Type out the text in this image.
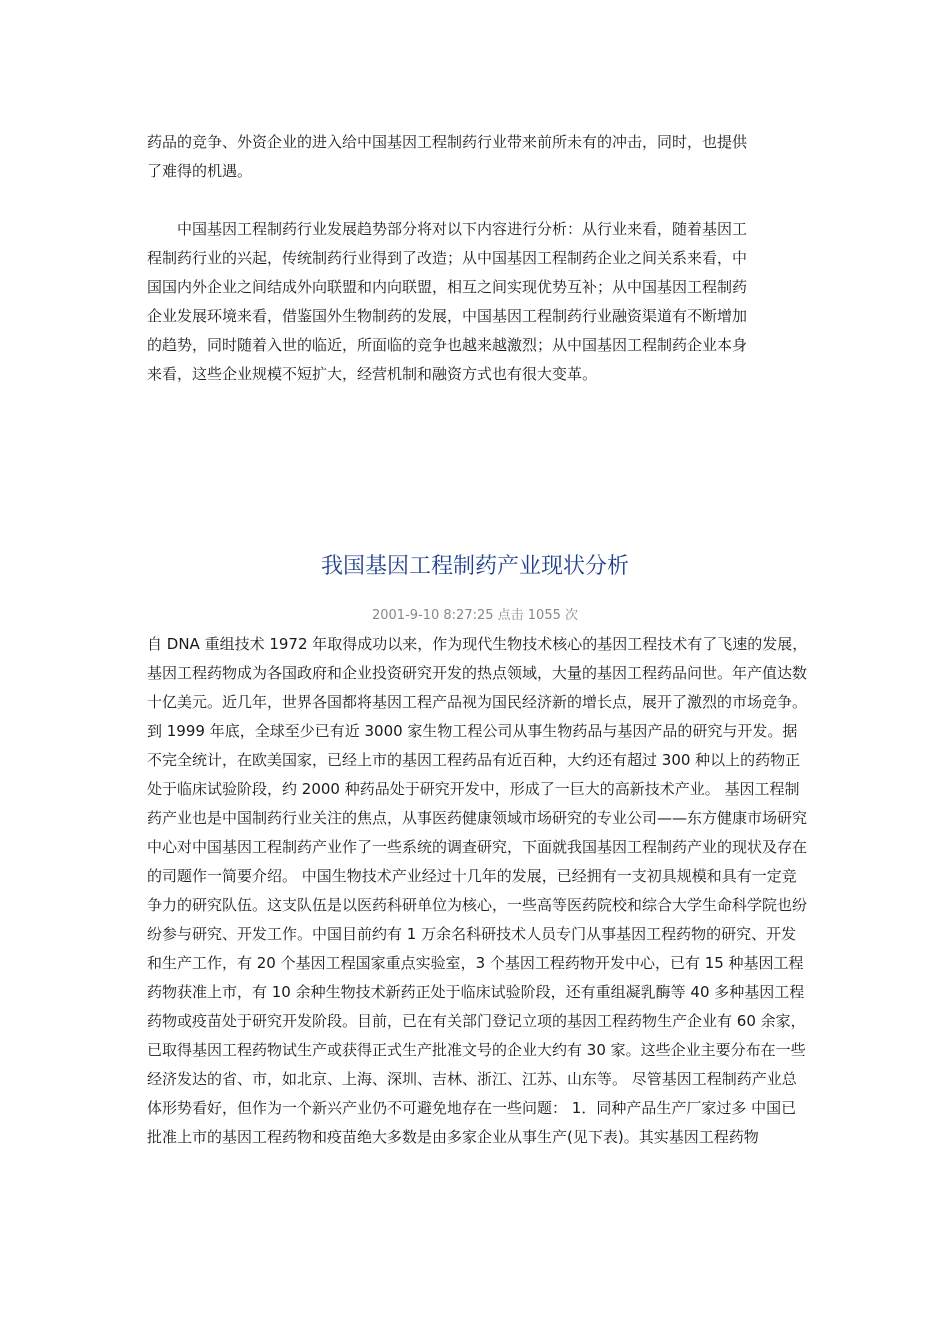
药品的竞争、外资企业的进入给中国基因工程制药行业带来前所未有的冲击，同时，也提供了难得的机遇。

中国基因工程制药行业发展趋势部分将对以下内容进行分析：从行业来看，随着基因工程制药行业的兴起，传统制药行业得到了改造；从中国基因工程制药企业之间关系来看，中国国内外企业之间结成外向联盟和内向联盟，相互之间实现优势互补；从中国基因工程制药企业发展环境来看，借鉴国外生物制药的发展，中国基因工程制药行业融资渠道有不断增加的趋势，同时随着入世的临近，所面临的竞争也越来越激烈；从中国基因工程制药企业本身来看，这些企业规模不短扩大，经营机制和融资方式也有很大变革。

我国基因工程制药产业现状分析
2001-9-10 8:27:25 点击 1055 次

自 DNA 重组技术 1972 年取得成功以来，作为现代生物技术核心的基因工程技术有了飞速的发展，基因工程药物成为各国政府和企业投资研究开发的热点领域，大量的基因工程药品问世。年产值达数十亿美元。近几年，世界各国都将基因工程产品视为国民经济新的增长点，展开了激烈的市场竞争。到 1999 年底，全球至少已有近 3000 家生物工程公司从事生物药品与基因产品的研究与开发。据不完全统计，在欧美国家，已经上市的基因工程药品有近百种，大约还有超过 300 种以上的药物正处于临床试验阶段，约 2000 种药品处于研究开发中，形成了一巨大的高新技术产业。 基因工程制药产业也是中国制药行业关注的焦点，从事医药健康领域市场研究的专业公司——东方健康市场研究中心对中国基因工程制药产业作了一些系统的调查研究，下面就我国基因工程制药产业的现状及存在的司题作一简要介绍。 中国生物技术产业经过十几年的发展，已经拥有一支初具规模和具有一定竞争力的研究队伍。这支队伍是以医药科研单位为核心，一些高等医药院校和综合大学生命科学院也纷纷参与研究、开发工作。中国目前约有 1 万余名科研技术人员专门从事基因工程药物的研究、开发和生产工作，有 20 个基因工程国家重点实验室，3 个基因工程药物开发中心，已有 15 种基因工程药物获准上市，有 10 余种生物技术新药正处于临床试验阶段，还有重组凝乳酶等 40 多种基因工程药物或疫苗处于研究开发阶段。目前，已在有关部门登记立项的基因工程药物生产企业有 60 余家，已取得基因工程药物试生产或获得正式生产批准文号的企业大约有 30 家。这些企业主要分布在一些经济发达的省、市，如北京、上海、深圳、吉林、浙江、江苏、山东等。 尽管基因工程制药产业总体形势看好，但作为一个新兴产业仍不可避免地存在一些问题： 1．同种产品生产厂家过多 中国已批准上市的基因工程药物和疫苗绝大多数是由多家企业从事生产(见下表)。其实基因工程药物
